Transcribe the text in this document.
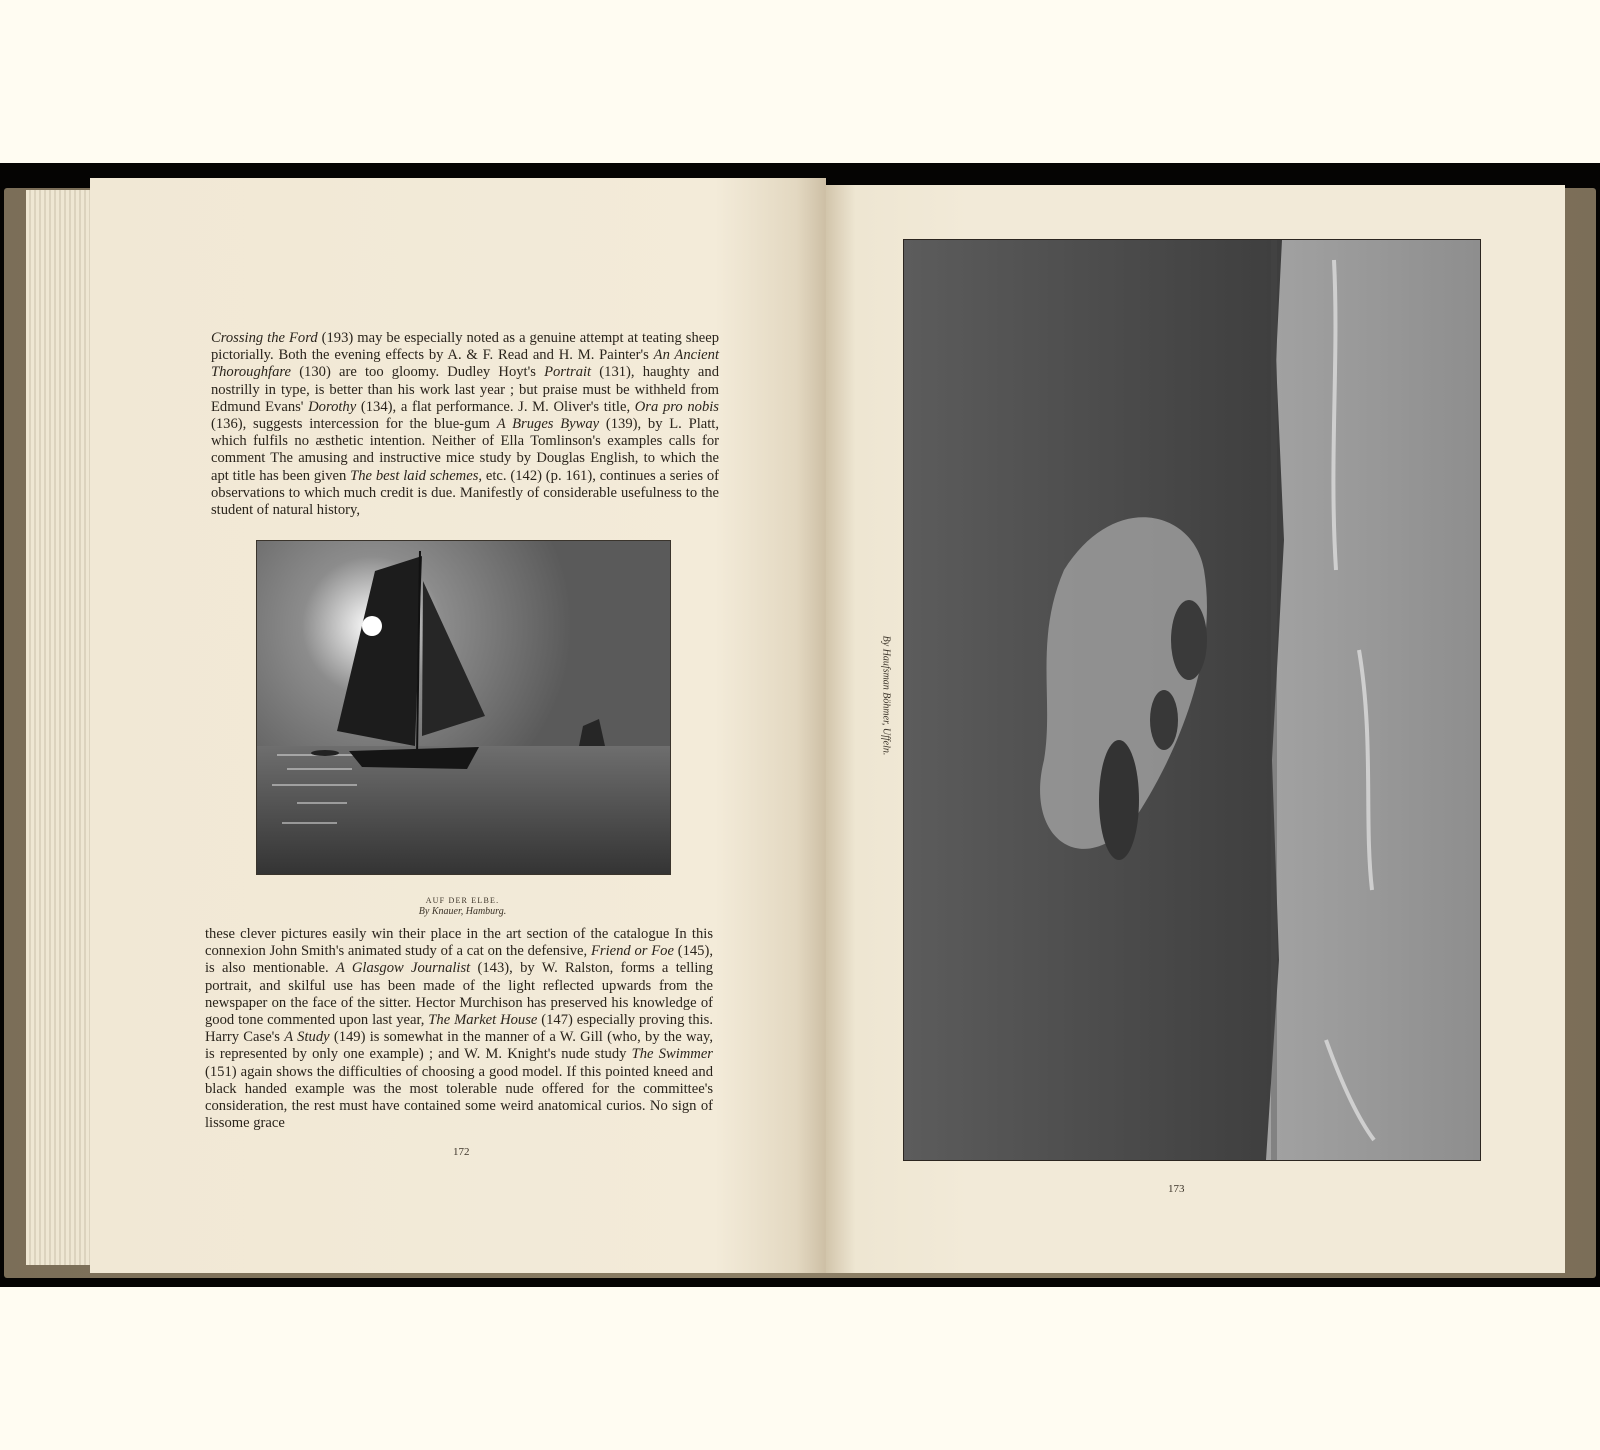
Crossing the Ford (193) may be especially noted as a genuine attempt at teating sheep pictorially. Both the evening effects by A. & F. Read and H. M. Painter's An Ancient Thoroughfare (130) are too gloomy. Dudley Hoyt's Portrait (131), haughty and nostrilly in type, is better than his work last year ; but praise must be withheld from Edmund Evans' Dorothy (134), a flat performance. J. M. Oliver's title, Ora pro nobis (136), suggests intercession for the blue-gum A Bruges Byway (139), by L. Platt, which fulfils no æsthetic intention. Neither of Ella Tomlinson's examples calls for comment The amusing and instructive mice study by Douglas English, to which the apt title has been given The best laid schemes, etc. (142) (p. 161), continues a series of observations to which much credit is due. Manifestly of considerable usefulness to the student of natural history,

AUF DER ELBE.
By Knauer, Hamburg.

these clever pictures easily win their place in the art section of the catalogue In this connexion John Smith's animated study of a cat on the defensive, Friend or Foe (145), is also mentionable. A Glasgow Journalist (143), by W. Ralston, forms a telling portrait, and skilful use has been made of the light reflected upwards from the newspaper on the face of the sitter. Hector Murchison has preserved his knowledge of good tone commented upon last year, The Market House (147) especially proving this. Harry Case's A Study (149) is somewhat in the manner of a W. Gill (who, by the way, is represented by only one example) ; and W. M. Knight's nude study The Swimmer (151) again shows the difficulties of choosing a good model. If this pointed kneed and black handed example was the most tolerable nude offered for the committee's consideration, the rest must have contained some weird anatomical curios. No sign of lissome grace

172
By Haufsman Böhmer, Uffeln.
173
